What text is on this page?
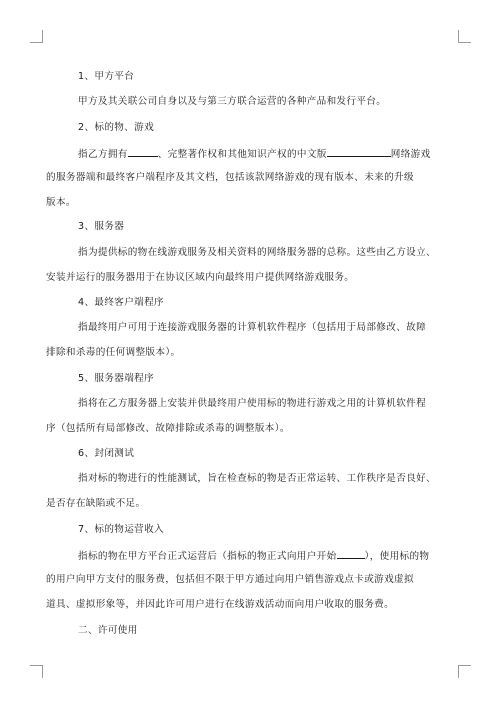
1、甲方平台
甲方及其关联公司自身以及与第三方联合运营的各种产品和发行平台。
2、标的物、游戏
指乙方拥有	、完整著作权和其他知识产权的中文版	网络游戏
的服务器端和最终客户端程序及其文档，包括该款网络游戏的现有版本、未来的升级
版本。
3、服务器
指为提供标的物在线游戏服务及相关资料的网络服务器的总称。这些由乙方设立、
安装并运行的服务器用于在协议区域内向最终用户提供网络游戏服务。
4、最终客户端程序
指最终用户可用于连接游戏服务器的计算机软件程序（包括用于局部修改、故障
排除和杀毒的任何调整版本）。
5、服务器端程序
指将在乙方服务器上安装并供最终用户使用标的物进行游戏之用的计算机软件程
序（包括所有局部修改、故障排除或杀毒的调整版本）。
6、封闭测试
指对标的物进行的性能测试，旨在检查标的物是否正常运转、工作秩序是否良好、
是否存在缺陷或不足。
7、标的物运营收入
指标的物在甲方平台正式运营后（指标的物正式向用户开始	），使用标的物
的用户向甲方支付的服务费，包括但不限于甲方通过向用户销售游戏点卡或游戏虚拟
道具、虚拟形象等，并因此许可用户进行在线游戏活动而向用户收取的服务费。
二、许可使用
